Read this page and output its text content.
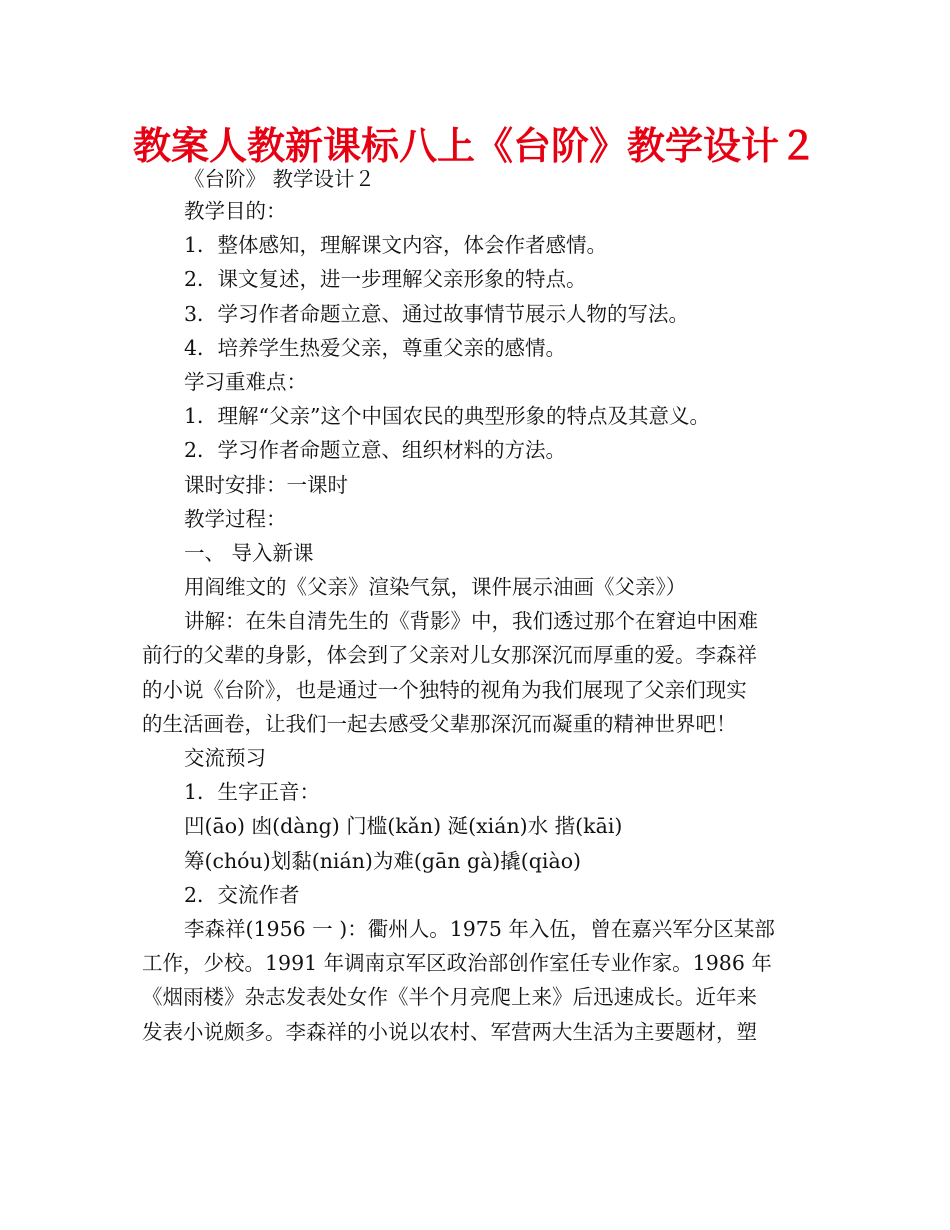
教案人教新课标八上《台阶》教学设计２
《台阶》 教学设计２
教学目的：
1．整体感知，理解课文内容，体会作者感情。
2．课文复述，进一步理解父亲形象的特点。
3．学习作者命题立意、通过故事情节展示人物的写法。
4．培养学生热爱父亲，尊重父亲的感情。
学习重难点：
1．理解“父亲”这个中国农民的典型形象的特点及其意义。
2．学习作者命题立意、组织材料的方法。
课时安排：一课时
教学过程：
一、 导入新课
用阎维文的《父亲》渲染气氛，课件展示油画《父亲》）
讲解：在朱自清先生的《背影》中，我们透过那个在窘迫中困难
前行的父辈的身影，体会到了父亲对儿女那深沉而厚重的爱。李森祥
的小说《台阶》，也是通过一个独特的视角为我们展现了父亲们现实
的生活画卷，让我们一起去感受父辈那深沉而凝重的精神世界吧！
交流预习
1．生字正音：
凹(āo) 凼(dàng) 门槛(kǎn) 涎(xián)水 揩(kāi)
筹(chóu)划黏(nián)为难(gān gà)撬(qiào)
2．交流作者
李森祥(1956 一 )：衢州人。1975 年入伍，曾在嘉兴军分区某部
工作，少校。1991 年调南京军区政治部创作室任专业作家。1986 年
《烟雨楼》杂志发表处女作《半个月亮爬上来》后迅速成长。近年来
发表小说颇多。李森祥的小说以农村、军营两大生活为主要题材，塑
